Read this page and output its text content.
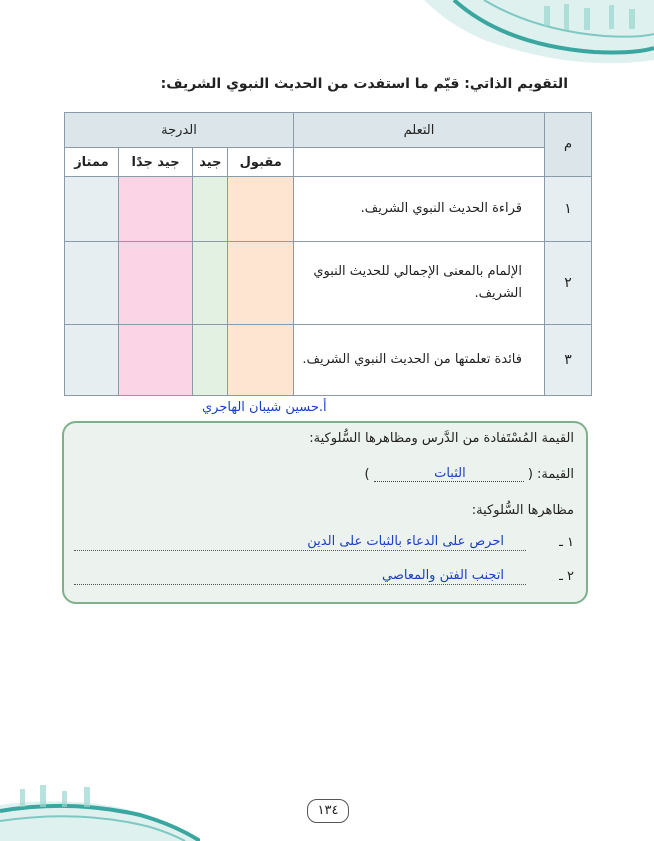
التقويم الذاتي: قيّم ما استفدت من الحديث النبوي الشريف:
م	التعلم	الدرجة			
		مقبول	جيد	جيد جدًا	ممتاز
١	قراءة الحديث النبوي الشريف.				
٢	الإلمام بالمعنى الإجمالي للحديث النبوي الشريف.				
٣	فائدة تعلمتها من الحديث النبوي الشريف.				
أ.حسين شيبان الهاجري
القيمة المُسْتَفادة من الدَّرس ومظاهرها السُّلوكية:
القيمة: (
الثبات
)
مظاهرها السُّلوكية:
١ ـ
احرص على الدعاء بالثبات على الدين
٢ ـ
اتجنب الفتن والمعاصي
١٣٤
